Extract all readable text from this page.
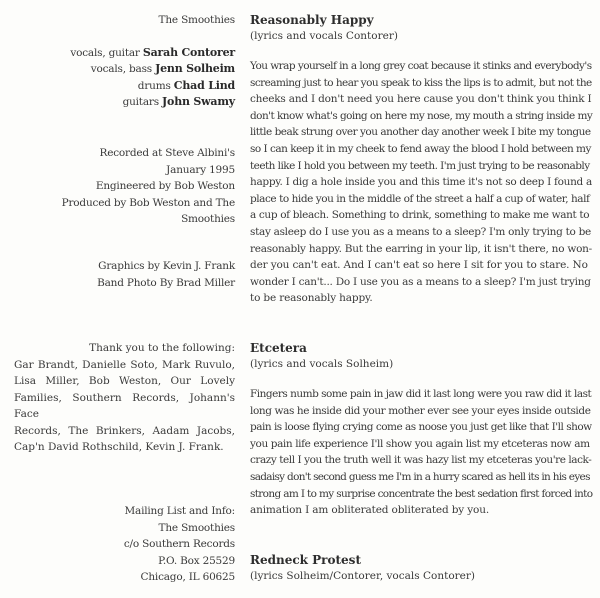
The Smoothies
vocals, guitar Sarah Contorer
vocals, bass Jenn Solheim
drums Chad Lind
guitars John Swamy
Recorded at Steve Albini's
January 1995
Engineered by Bob Weston
Produced by Bob Weston and The
Smoothies
Graphics by Kevin J. Frank
Band Photo By Brad Miller
Thank you to the following:
Gar Brandt, Danielle Soto, Mark Ruvulo,
Lisa Miller, Bob Weston, Our Lovely
Families, Southern Records, Johann's Face
Records, The Brinkers, Aadam Jacobs,
Cap'n David Rothschild, Kevin J. Frank.
Mailing List and Info:
The Smoothies
c/o Southern Records
P.O. Box 25529
Chicago, IL 60625
Reasonably Happy
(lyrics and vocals Contorer)
You wrap yourself in a long grey coat because it stinks and everybody's
screaming just to hear you speak to kiss the lips is to admit, but not the
cheeks and I don't need you here cause you don't think you think I
don't know what's going on here my nose, my mouth a string inside my
little beak strung over you another day another week I bite my tongue
so I can keep it in my cheek to fend away the blood I hold between my
teeth like I hold you between my teeth. I'm just trying to be reasonably
happy. I dig a hole inside you and this time it's not so deep I found a
place to hide you in the middle of the street a half a cup of water, half
a cup of bleach. Something to drink, something to make me want to
stay asleep do I use you as a means to a sleep? I'm only trying to be
reasonably happy. But the earring in your lip, it isn't there, no won-
der you can't eat. And I can't eat so here I sit for you to stare. No
wonder I can't... Do I use you as a means to a sleep? I'm just trying
to be reasonably happy.
Etcetera
(lyrics and vocals Solheim)
Fingers numb some pain in jaw did it last long were you raw did it last
long was he inside did your mother ever see your eyes inside outside
pain is loose flying crying come as noose you just get like that I'll show
you pain life experience I'll show you again list my etceteras now am
crazy tell I you the truth well it was hazy list my etceteras you're lack-
sadaisy don't second guess me I'm in a hurry scared as hell its in his eyes
strong am I to my surprise concentrate the best sedation first forced into
animation I am obliterated obliterated by you.
Redneck Protest
(lyrics Solheim/Contorer, vocals Contorer)
